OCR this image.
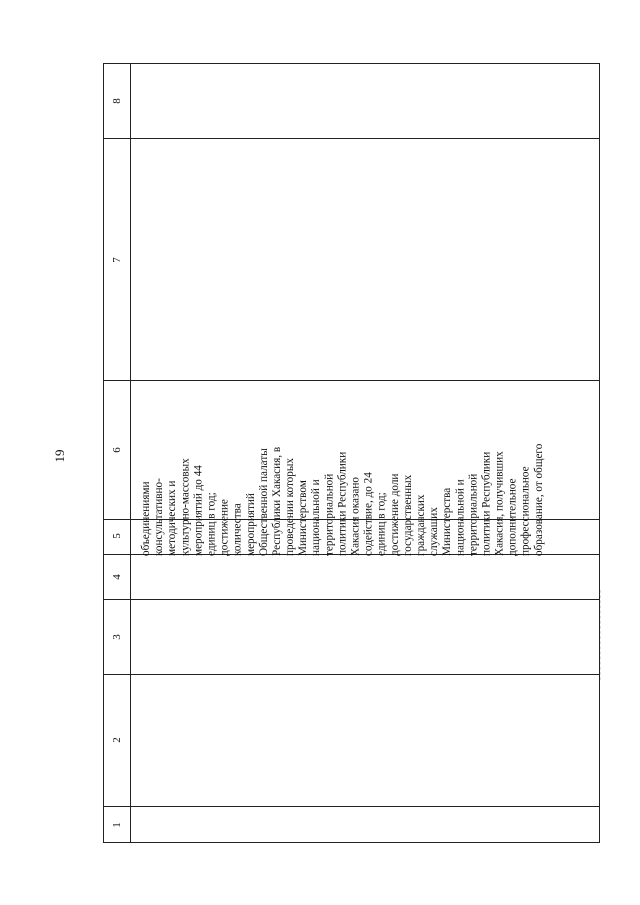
19
8
7
6
5
4
3
2
1
объединениями консультативно- методических и культурно-массовых мероприятий до 44 единиц в год; достижение количества мероприятий Общественной палаты Республики Хакасия, в проведении которых Министерством национальной и территориальной политики Республики Хакасия оказано содействие, до 24 единиц в год; достижение доли государственных гражданских служащих Министерства национальной и территориальной политики Республики Хакасия, получивших дополнительное профессиональное образование, от общего
